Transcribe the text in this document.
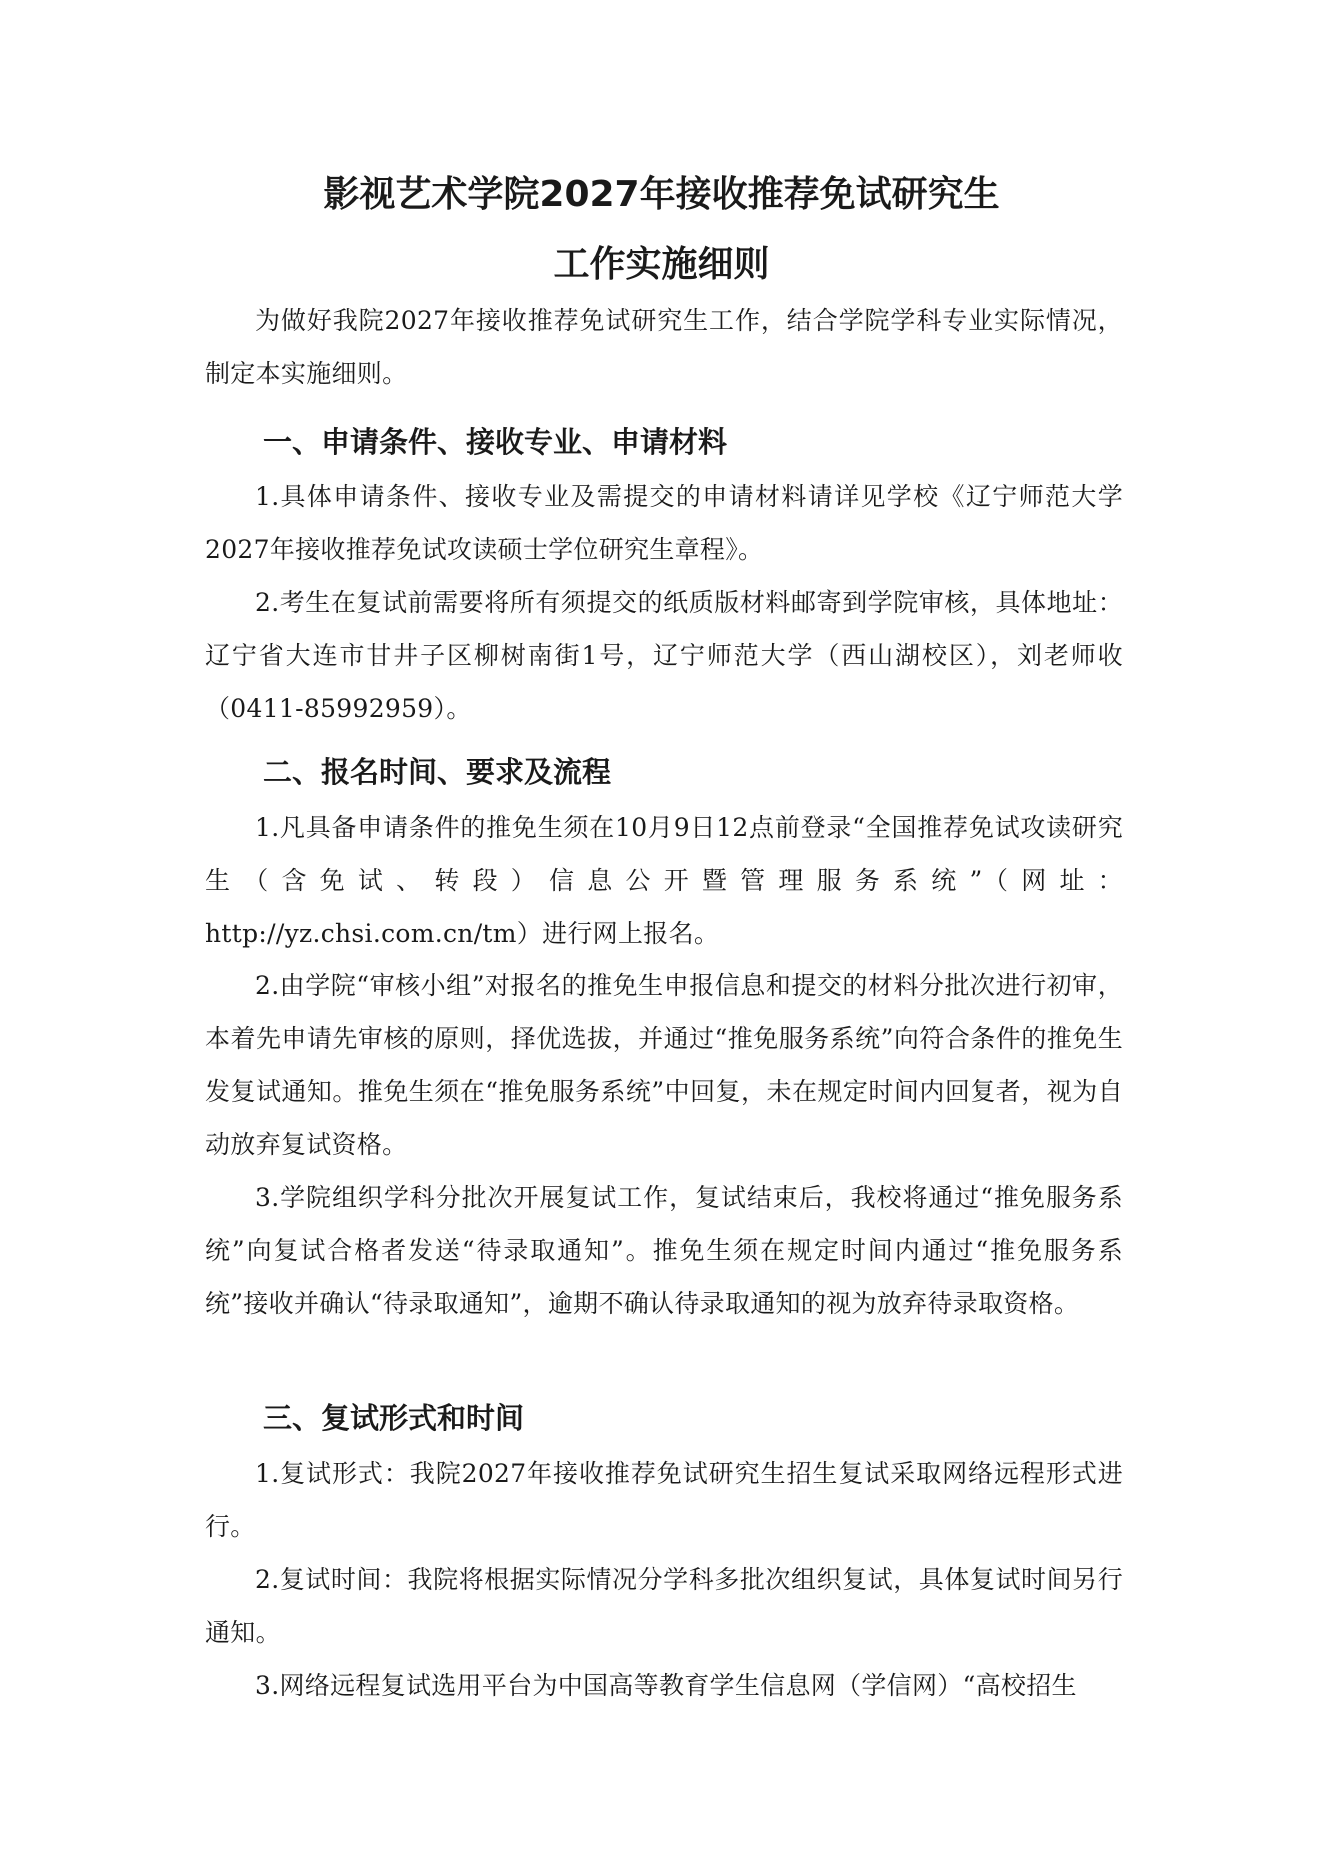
影视艺术学院2027年接收推荐免试研究生
工作实施细则

为做好我院2027年接收推荐免试研究生工作，结合学院学科专业实际情况，制定本实施细则。

一、申请条件、接收专业、申请材料

1.具体申请条件、接收专业及需提交的申请材料请详见学校《辽宁师范大学2027年接收推荐免试攻读硕士学位研究生章程》。

2.考生在复试前需要将所有须提交的纸质版材料邮寄到学院审核，具体地址：辽宁省大连市甘井子区柳树南街1号，辽宁师范大学（西山湖校区），刘老师收（0411-85992959）。

二、报名时间、要求及流程

1.凡具备申请条件的推免生须在10月9日12点前登录“全国推荐免试攻读研究生（含免试、转段）信息公开暨管理服务系统”（网址：http://yz.chsi.com.cn/tm）进行网上报名。

2.由学院“审核小组”对报名的推免生申报信息和提交的材料分批次进行初审，本着先申请先审核的原则，择优选拔，并通过“推免服务系统”向符合条件的推免生发复试通知。推免生须在“推免服务系统”中回复，未在规定时间内回复者，视为自动放弃复试资格。

3.学院组织学科分批次开展复试工作，复试结束后，我校将通过“推免服务系统”向复试合格者发送“待录取通知”。推免生须在规定时间内通过“推免服务系统”接收并确认“待录取通知”，逾期不确认待录取通知的视为放弃待录取资格。

三、复试形式和时间

1.复试形式：我院2027年接收推荐免试研究生招生复试采取网络远程形式进行。

2.复试时间：我院将根据实际情况分学科多批次组织复试，具体复试时间另行通知。

3.网络远程复试选用平台为中国高等教育学生信息网（学信网）“高校招生
